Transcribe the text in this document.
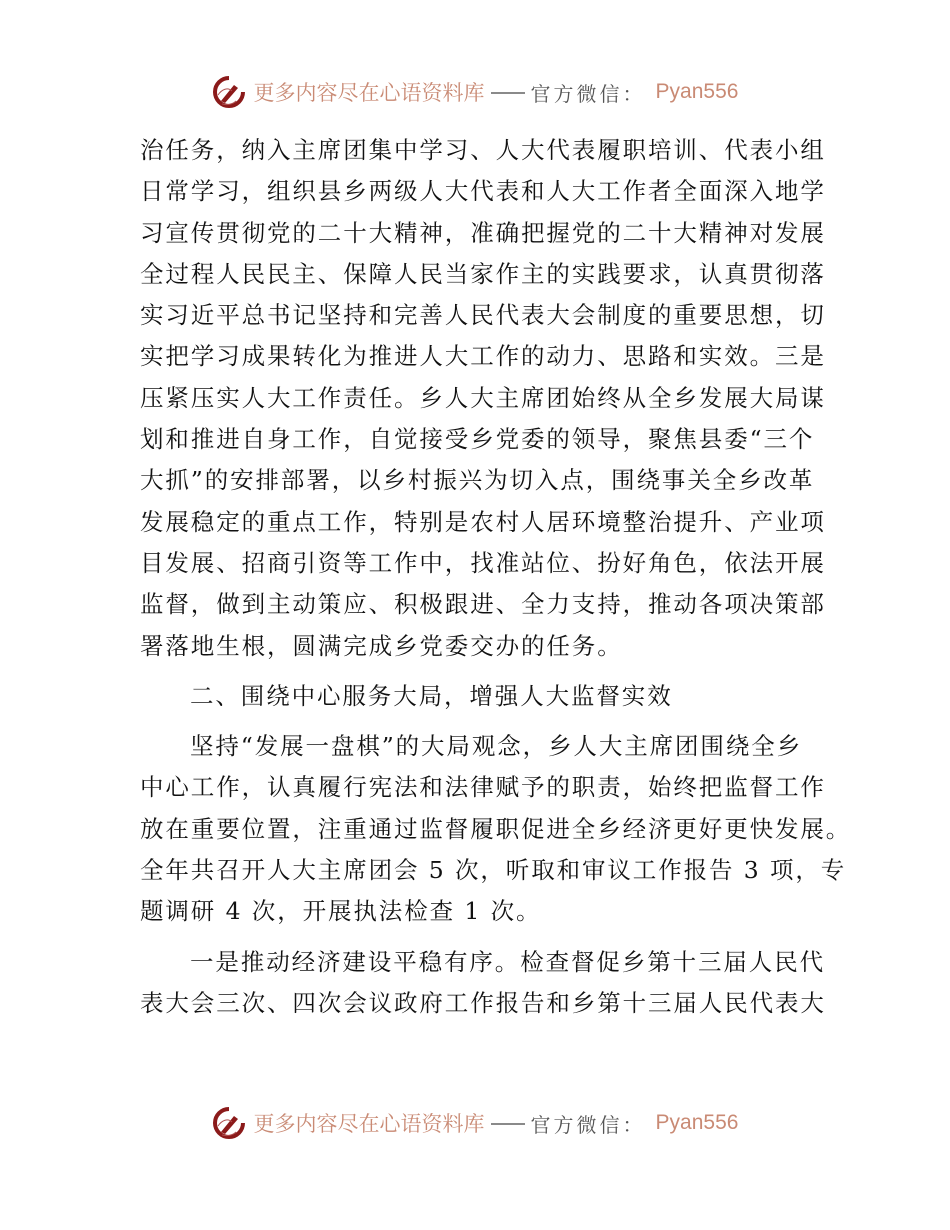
更多内容尽在心语资料库 官方微信： Pyan556
治任务，纳入主席团集中学习、人大代表履职培训、代表小组
日常学习，组织县乡两级人大代表和人大工作者全面深入地学
习宣传贯彻党的二十大精神，准确把握党的二十大精神对发展
全过程人民民主、保障人民当家作主的实践要求，认真贯彻落
实习近平总书记坚持和完善人民代表大会制度的重要思想，切
实把学习成果转化为推进人大工作的动力、思路和实效。三是
压紧压实人大工作责任。乡人大主席团始终从全乡发展大局谋
划和推进自身工作，自觉接受乡党委的领导，聚焦县委“三个
大抓”的安排部署，以乡村振兴为切入点，围绕事关全乡改革
发展稳定的重点工作，特别是农村人居环境整治提升、产业项
目发展、招商引资等工作中，找准站位、扮好角色，依法开展
监督，做到主动策应、积极跟进、全力支持，推动各项决策部
署落地生根，圆满完成乡党委交办的任务。
二、围绕中心服务大局，增强人大监督实效
坚持“发展一盘棋”的大局观念，乡人大主席团围绕全乡
中心工作，认真履行宪法和法律赋予的职责，始终把监督工作
放在重要位置，注重通过监督履职促进全乡经济更好更快发展。
全年共召开人大主席团会 5 次，听取和审议工作报告 3 项，专
题调研 4 次，开展执法检查 1 次。
一是推动经济建设平稳有序。检查督促乡第十三届人民代
表大会三次、四次会议政府工作报告和乡第十三届人民代表大
更多内容尽在心语资料库 官方微信： Pyan556
